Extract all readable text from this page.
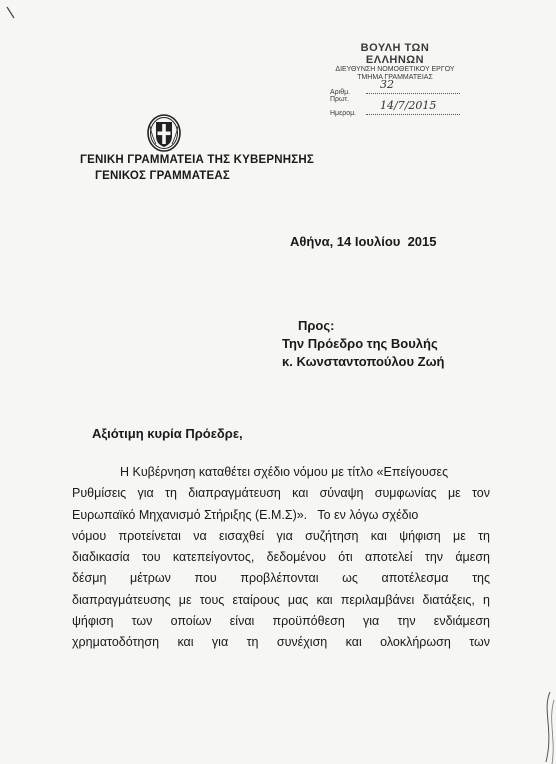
ΒΟΥΛΗ ΤΩΝ ΕΛΛΗΝΩΝ
ΔΙΕΥΘΥΝΣΗ ΝΟΜΟΘΕΤΙΚΟΥ ΕΡΓΟΥ
ΤΜΗΜΑ ΓΡΑΜΜΑΤΕΙΑΣ
Αριθμ. Πρωτ.
32
Ημερομ.
14/7/2015
ΓΕΝΙΚΗ ΓΡΑΜΜΑΤΕΙΑ ΤΗΣ ΚΥΒΕΡΝΗΣΗΣ
ΓΕΝΙΚΟΣ ΓΡΑΜΜΑΤΕΑΣ
Αθήνα, 14 Ιουλίου  2015
Προς:
Την Πρόεδρο της Βουλής
κ. Κωνσταντοπούλου Ζωή
Αξιότιμη κυρία Πρόεδρε,
Η Κυβέρνηση καταθέτει σχέδιο νόμου με τίτλο «Επείγουσες
Ρυθμίσεις για τη διαπραγμάτευση και σύναψη συμφωνίας με τον
Ευρωπαϊκό Μηχανισμό Στήριξης (Ε.Μ.Σ)».   Το εν λόγω σχέδιο
νόμου προτείνεται να εισαχθεί για συζήτηση και ψήφιση με τη
διαδικασία του κατεπείγοντος, δεδομένου ότι αποτελεί την άμεση
δέσμη μέτρων που προβλέπονται ως αποτέλεσμα της
διαπραγμάτευσης με τους εταίρους μας και περιλαμβάνει διατάξεις, η
ψήφιση των οποίων είναι προϋπόθεση για την ενδιάμεση
χρηματοδότηση και για τη συνέχιση και ολοκλήρωση των
